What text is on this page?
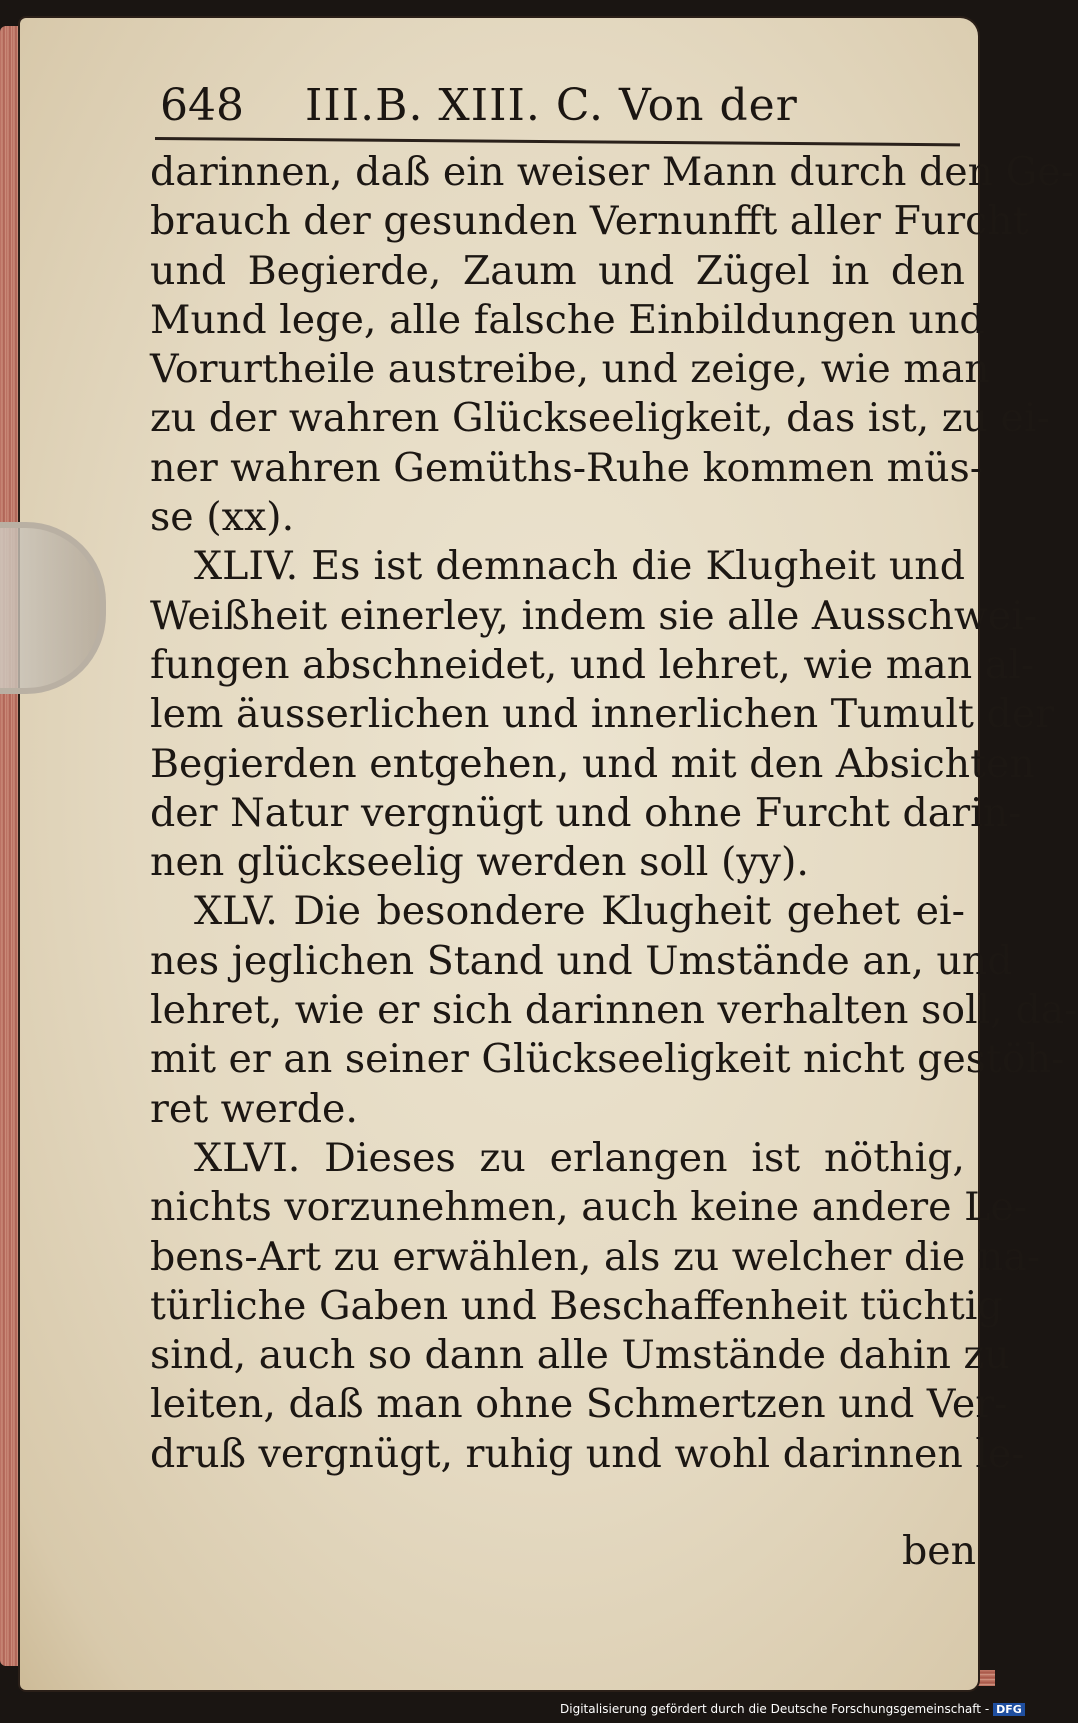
648 III.B. XIII. C. Von der
darinnen, daß ein weiser Mann durch den Ge-
brauch der gesunden Vernunfft aller Furcht
und Begierde, Zaum und Zügel in den
Mund lege, alle falsche Einbildungen und
Vorurtheile austreibe, und zeige, wie man
zu der wahren Glückseeligkeit, das ist, zu ei-
ner wahren Gemüths-Ruhe kommen müs-
se (xx).
XLIV. Es ist demnach die Klugheit und
Weißheit einerley, indem sie alle Ausschwei-
fungen abschneidet, und lehret, wie man al-
lem äusserlichen und innerlichen Tumult der
Begierden entgehen, und mit den Absichten
der Natur vergnügt und ohne Furcht darin-
nen glückseelig werden soll (yy).
XLV. Die besondere Klugheit gehet ei-
nes jeglichen Stand und Umstände an, und
lehret, wie er sich darinnen verhalten soll, da-
mit er an seiner Glückseeligkeit nicht gestöh-
ret werde.
XLVI. Dieses zu erlangen ist nöthig,
nichts vorzunehmen, auch keine andere Le-
bens-Art zu erwählen, als zu welcher die na-
türliche Gaben und Beschaffenheit tüchtig
sind, auch so dann alle Umstände dahin zu
leiten, daß man ohne Schmertzen und Ver-
druß vergnügt, ruhig und wohl darinnen le-
ben
Digitalisierung gefördert durch die Deutsche Forschungsgemeinschaft - DFG
